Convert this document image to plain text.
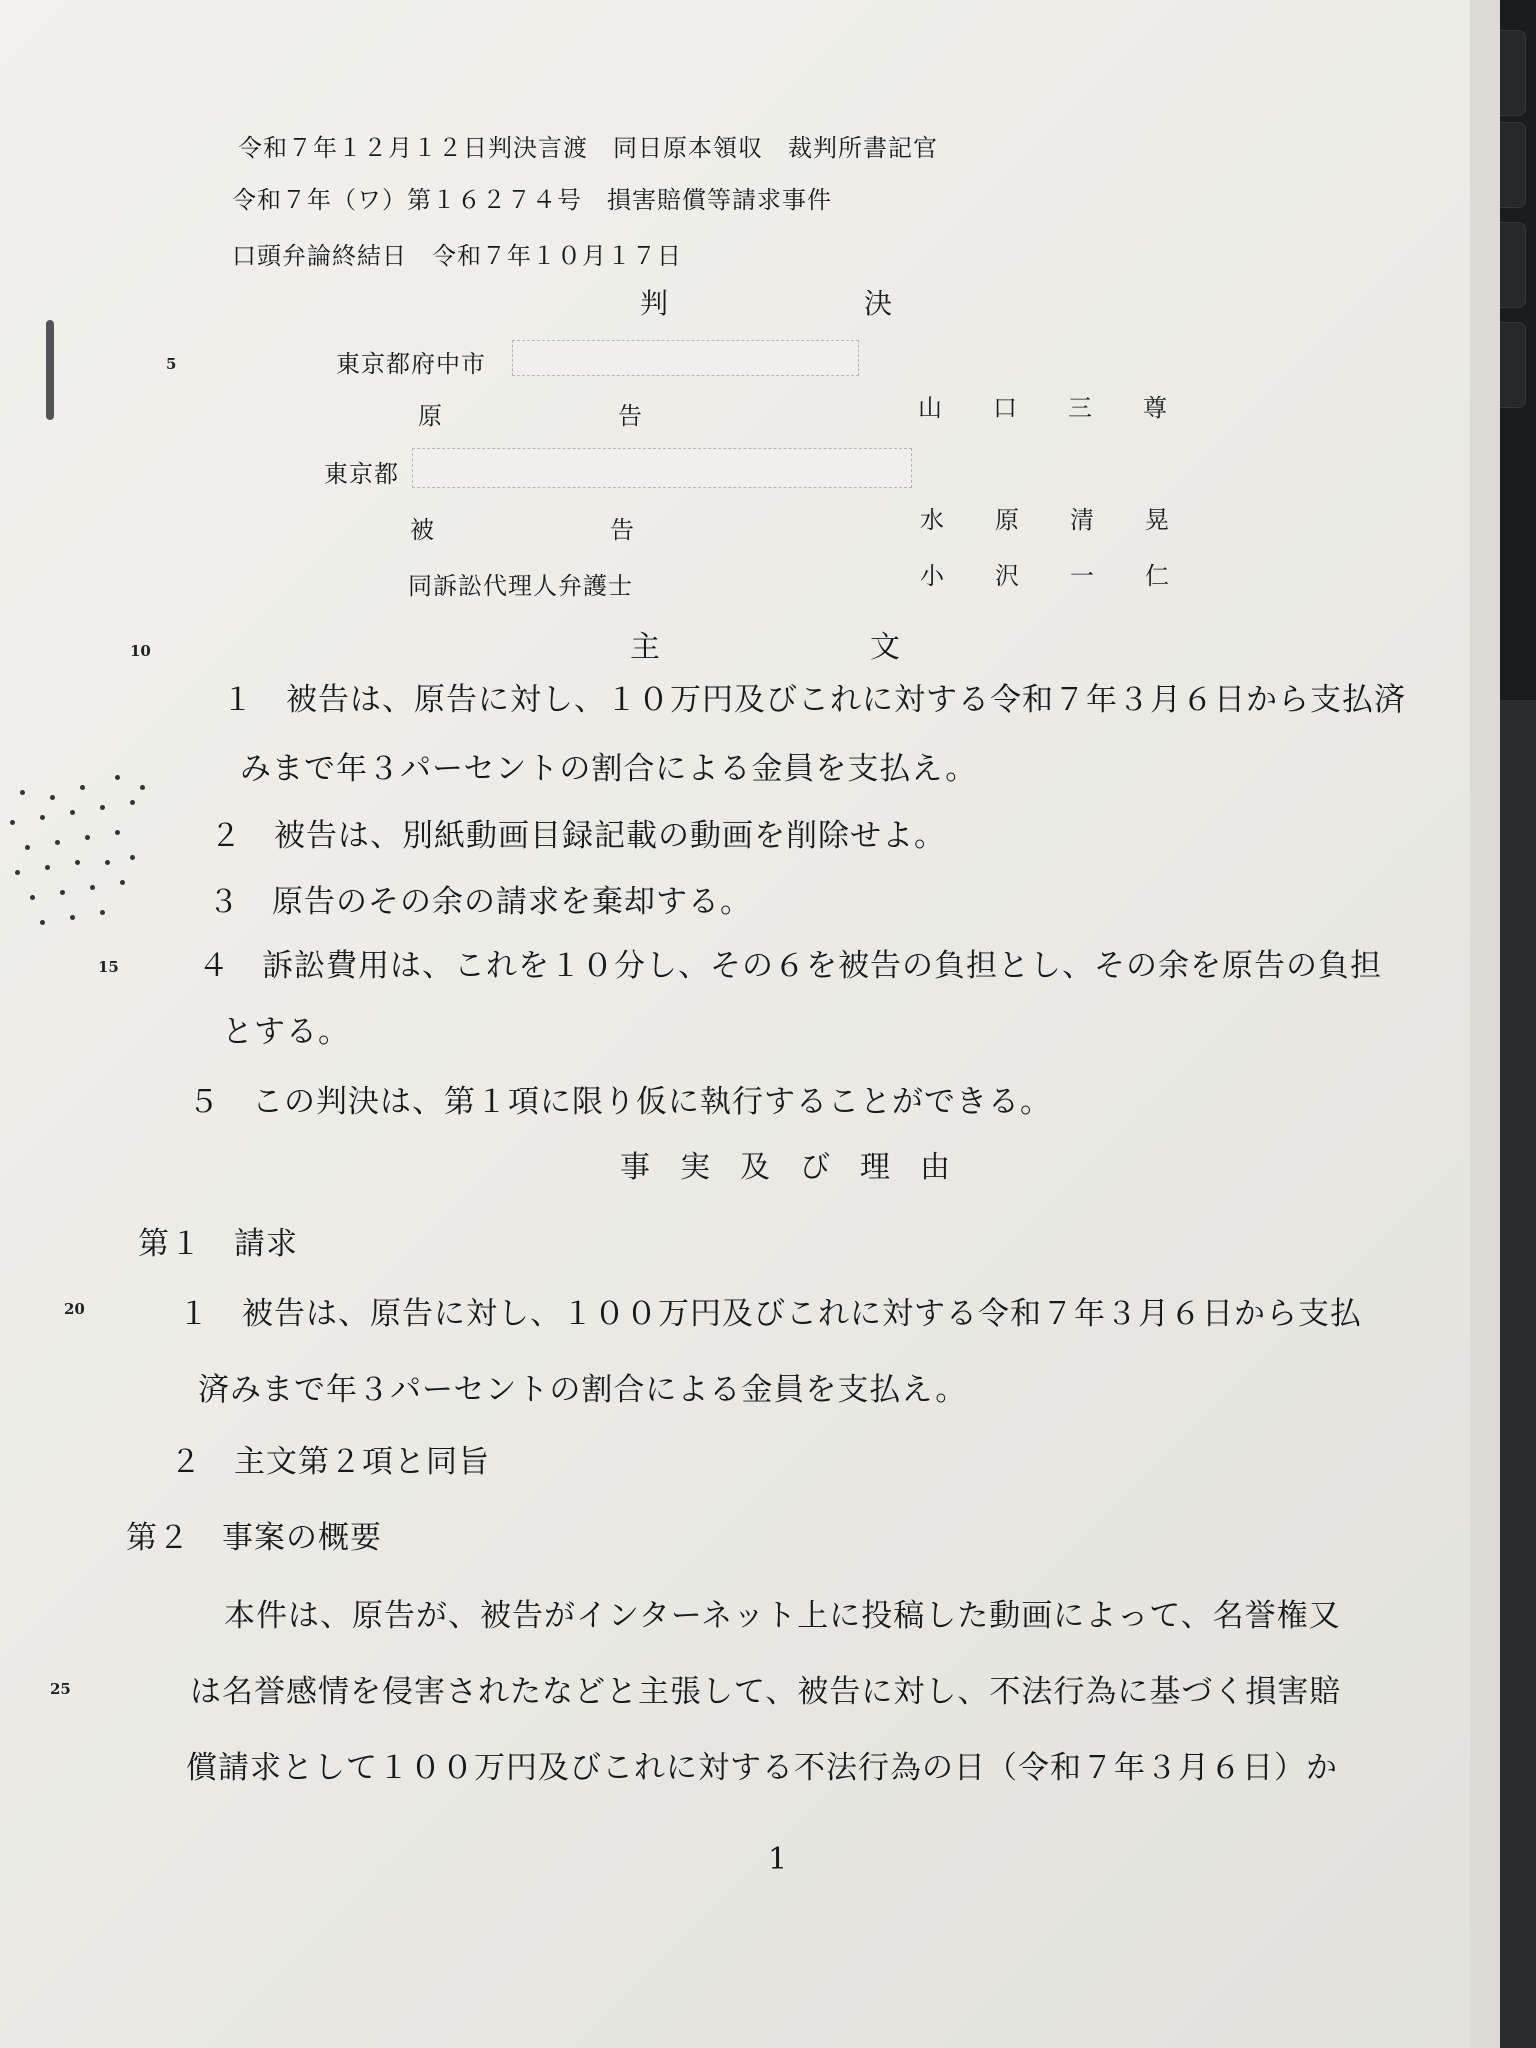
令和７年１２月１２日判決言渡　同日原本領収　裁判所書記官
令和７年（ワ）第１６２７４号　損害賠償等請求事件
口頭弁論終結日　令和７年１０月１７日
判　　　　　　　決
5
10
15
20
25
東京都府中市
原　　　　　　　告	山　　口　　三　　尊
東京都
被　　　　　　　告	水　　原　　清　　晃
同訴訟代理人弁護士	小　　沢　　一　　仁
主　　　　　　　文
１　被告は、原告に対し、１０万円及びこれに対する令和７年３月６日から支払済
みまで年３パーセントの割合による金員を支払え。
２　被告は、別紙動画目録記載の動画を削除せよ。
３　原告のその余の請求を棄却する。
４　訴訟費用は、これを１０分し、その６を被告の負担とし、その余を原告の負担
とする。
５　この判決は、第１項に限り仮に執行することができる。
事　実　及　び　理　由
第１　請求
１　被告は、原告に対し、１００万円及びこれに対する令和７年３月６日から支払
済みまで年３パーセントの割合による金員を支払え。
２　主文第２項と同旨
第２　事案の概要
本件は、原告が、被告がインターネット上に投稿した動画によって、名誉権又
は名誉感情を侵害されたなどと主張して、被告に対し、不法行為に基づく損害賠
償請求として１００万円及びこれに対する不法行為の日（令和７年３月６日）か
1
